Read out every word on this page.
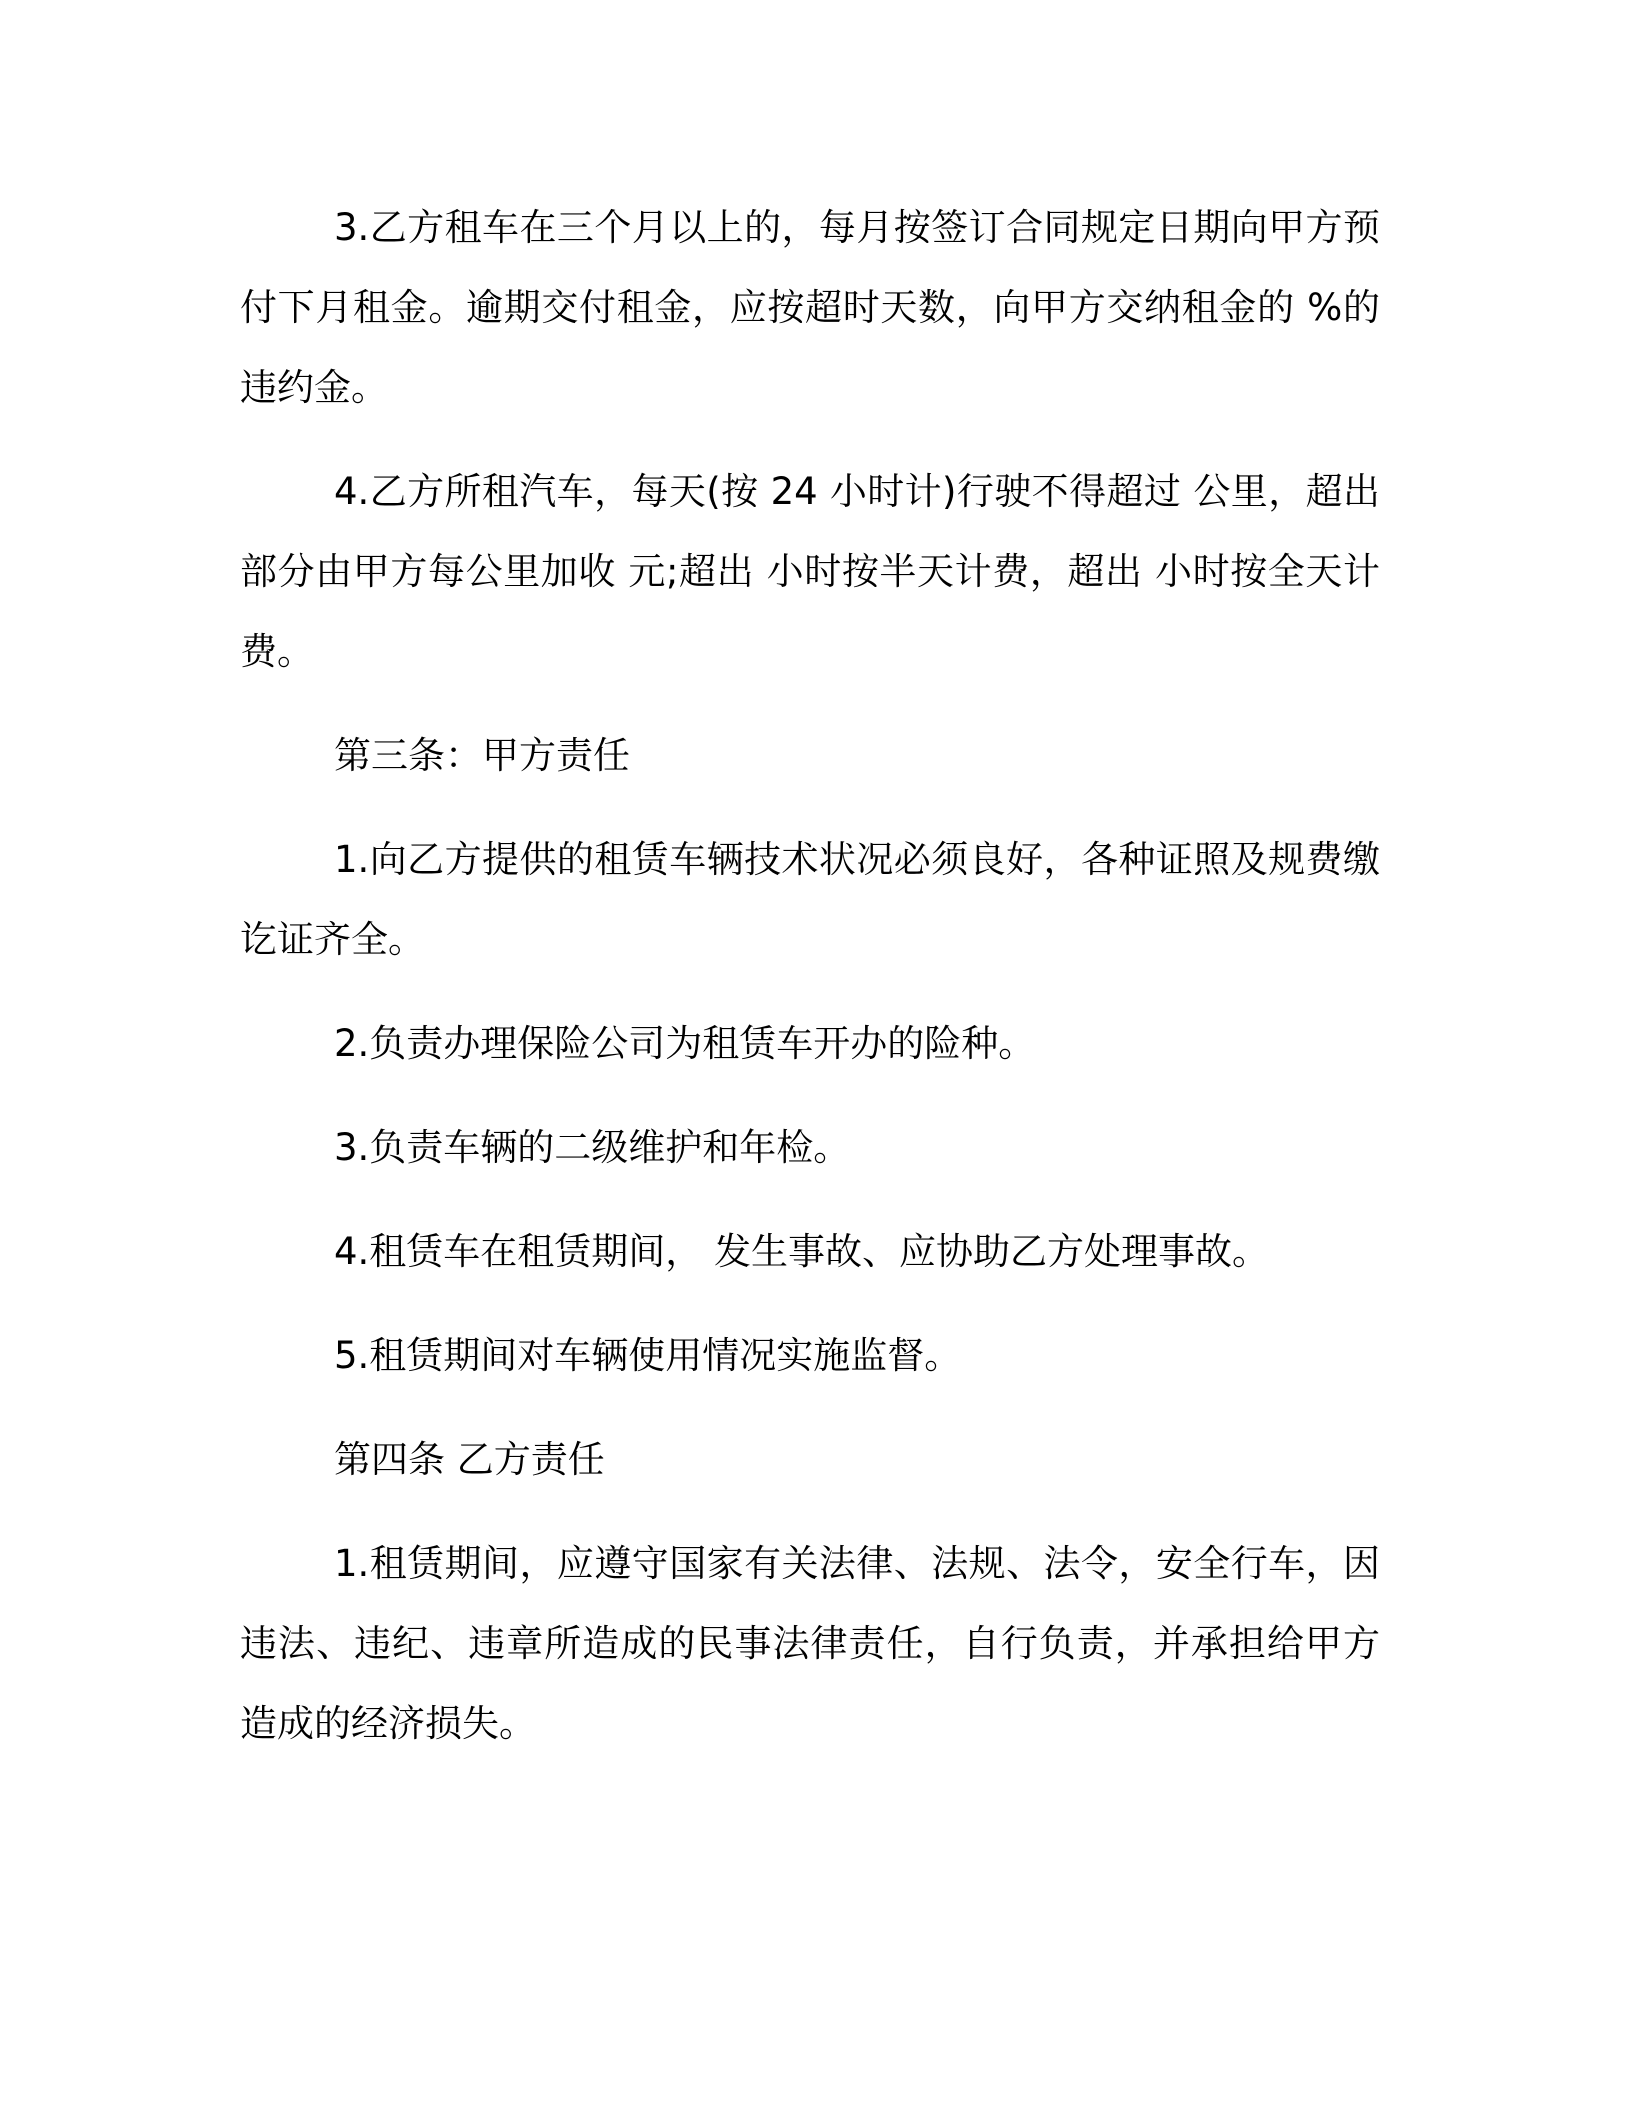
3.乙方租车在三个月以上的，每月按签订合同规定日期向甲方预付下月租金。逾期交付租金，应按超时天数，向甲方交纳租金的 %的违约金。

4.乙方所租汽车，每天(按 24 小时计)行驶不得超过 公里，超出部分由甲方每公里加收 元;超出 小时按半天计费，超出 小时按全天计费。

第三条：甲方责任

1.向乙方提供的租赁车辆技术状况必须良好，各种证照及规费缴讫证齐全。

2.负责办理保险公司为租赁车开办的险种。

3.负责车辆的二级维护和年检。

4.租赁车在租赁期间， 发生事故、应协助乙方处理事故。

5.租赁期间对车辆使用情况实施监督。

第四条 乙方责任

1.租赁期间，应遵守国家有关法律、法规、法令，安全行车，因违法、违纪、违章所造成的民事法律责任，自行负责，并承担给甲方造成的经济损失。
